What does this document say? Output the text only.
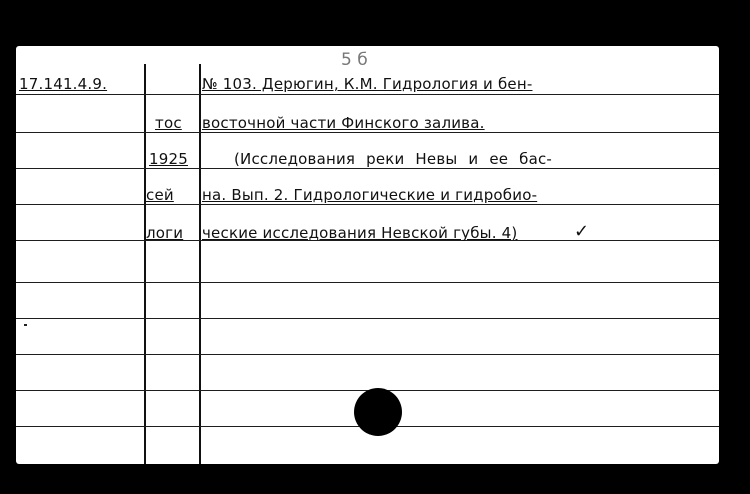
5 б
17.141.4.9.
тос
1925
сей
логи
№ 103. Дерюгин, К.М. Гидрология и бен-
восточной части Финского залива.
(Исследования реки Невы и ее бас-
на. Вып. 2. Гидрологические и гидробио-
ческие исследования Невской губы. 4)	✓
